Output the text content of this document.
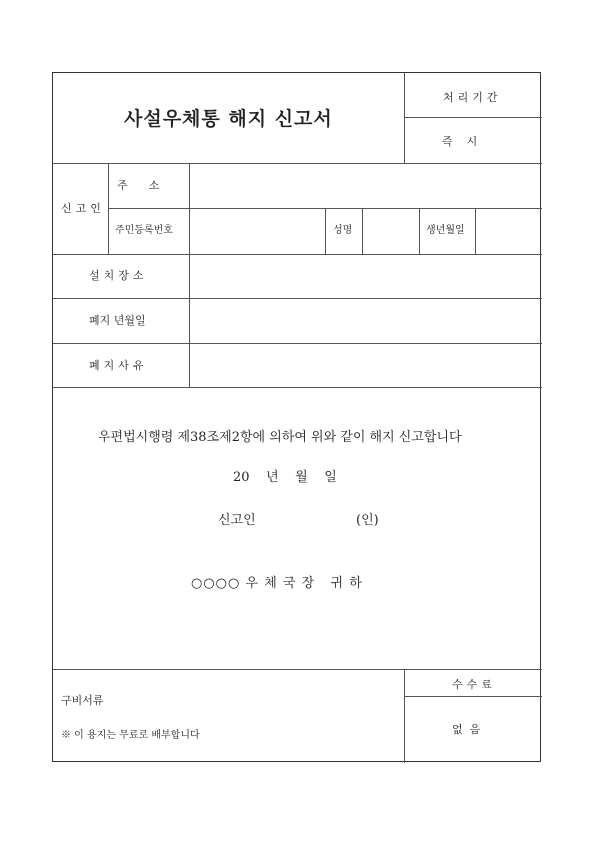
사설우체통 해지 신고서
처리기간
즉    시
신고인
주      소
주민등록번호	성명	생년월일
설치장소
폐지 년월일
폐지사유
우편법시행령 제38조제2항에 의하여 위와 같이 해지 신고합니다
20    년    월    일
신고인	(인)
○○○○ 우 체 국 장   귀 하
구비서류
※ 이 용지는 무료로 배부합니다
수수료
없  음
